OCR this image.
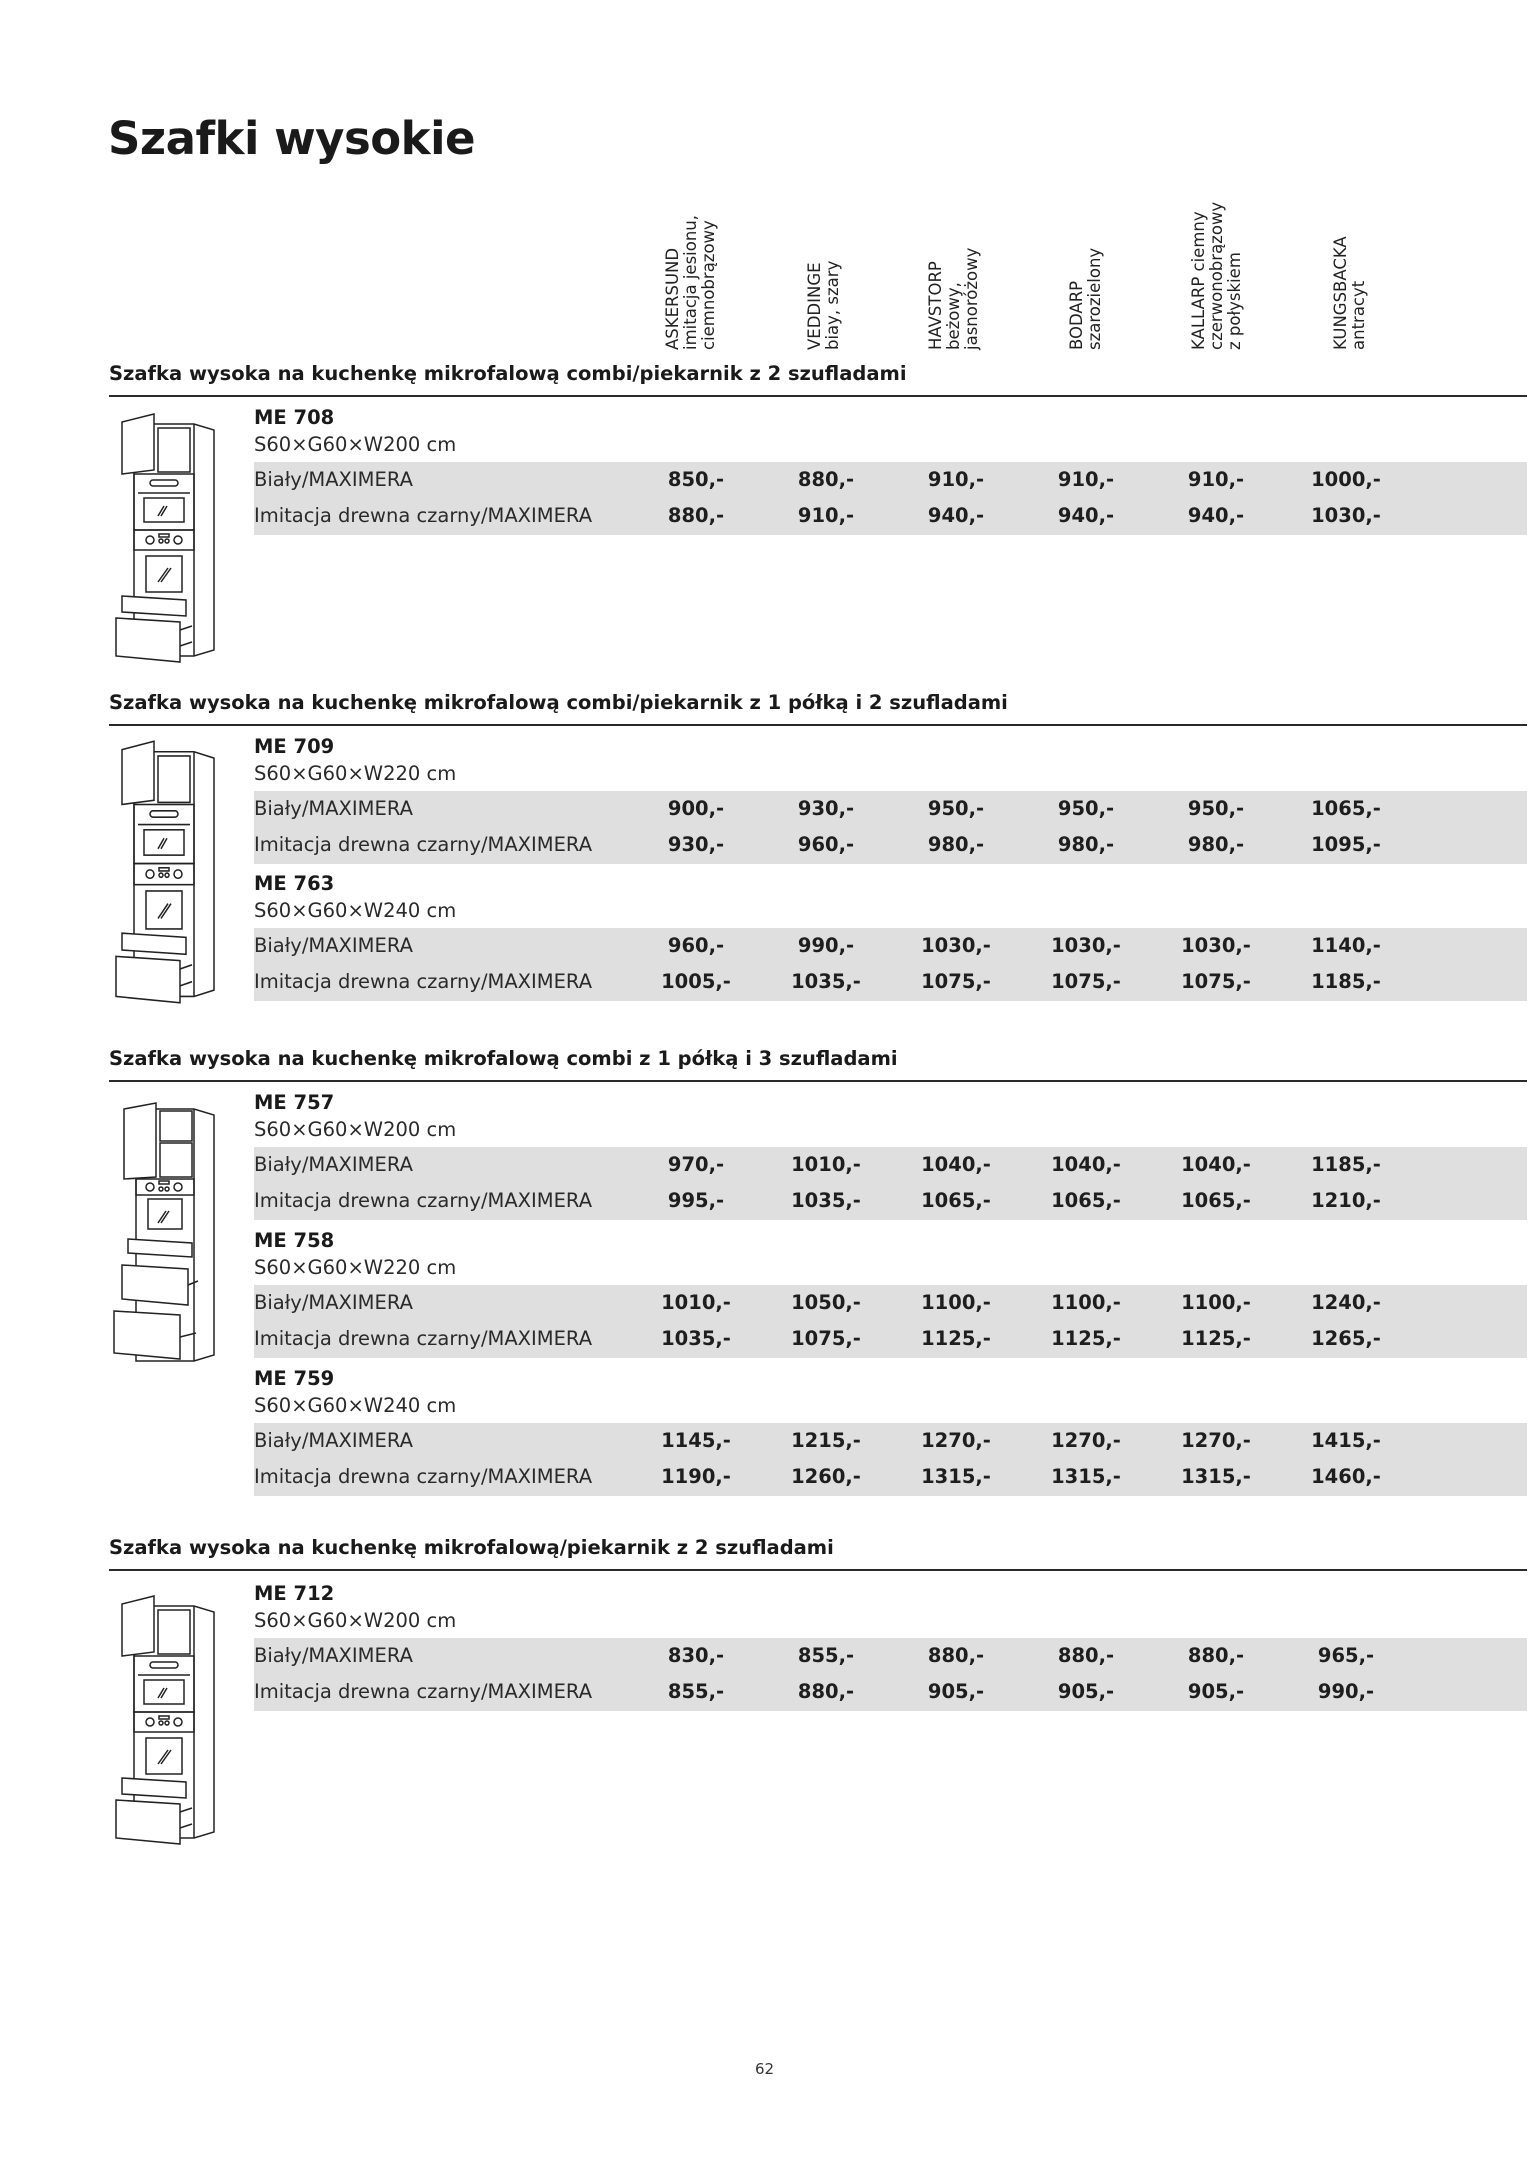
Szafki wysokie
ASKERSUND imitacja jesionu, ciemnobrązowy	VEDDINGE biay, szary	HAVSTORP beżowy, jasnoróżowy	BODARP szarozielony	KALLARP ciemny czerwonobrązowy z połyskiem	KUNGSBACKA antracyt
Szafka wysoka na kuchenkę mikrofalową combi/piekarnik z 2 szufladami
ME 708
S60×G60×W200 cm
Biały/MAXIMERA	850,-	880,-	910,-	910,-	910,-	1000,-
Imitacja drewna czarny/MAXIMERA	880,-	910,-	940,-	940,-	940,-	1030,-
Szafka wysoka na kuchenkę mikrofalową combi/piekarnik z 1 półką i 2 szufladami
ME 709
S60×G60×W220 cm
Biały/MAXIMERA	900,-	930,-	950,-	950,-	950,-	1065,-
Imitacja drewna czarny/MAXIMERA	930,-	960,-	980,-	980,-	980,-	1095,-
ME 763
S60×G60×W240 cm
Biały/MAXIMERA	960,-	990,-	1030,-	1030,-	1030,-	1140,-
Imitacja drewna czarny/MAXIMERA	1005,-	1035,-	1075,-	1075,-	1075,-	1185,-
Szafka wysoka na kuchenkę mikrofalową combi z 1 półką i 3 szufladami
ME 757
S60×G60×W200 cm
Biały/MAXIMERA	970,-	1010,-	1040,-	1040,-	1040,-	1185,-
Imitacja drewna czarny/MAXIMERA	995,-	1035,-	1065,-	1065,-	1065,-	1210,-
ME 758
S60×G60×W220 cm
Biały/MAXIMERA	1010,-	1050,-	1100,-	1100,-	1100,-	1240,-
Imitacja drewna czarny/MAXIMERA	1035,-	1075,-	1125,-	1125,-	1125,-	1265,-
ME 759
S60×G60×W240 cm
Biały/MAXIMERA	1145,-	1215,-	1270,-	1270,-	1270,-	1415,-
Imitacja drewna czarny/MAXIMERA	1190,-	1260,-	1315,-	1315,-	1315,-	1460,-
Szafka wysoka na kuchenkę mikrofalową/piekarnik z 2 szufladami
ME 712
S60×G60×W200 cm
Biały/MAXIMERA	830,-	855,-	880,-	880,-	880,-	965,-
Imitacja drewna czarny/MAXIMERA	855,-	880,-	905,-	905,-	905,-	990,-
62
